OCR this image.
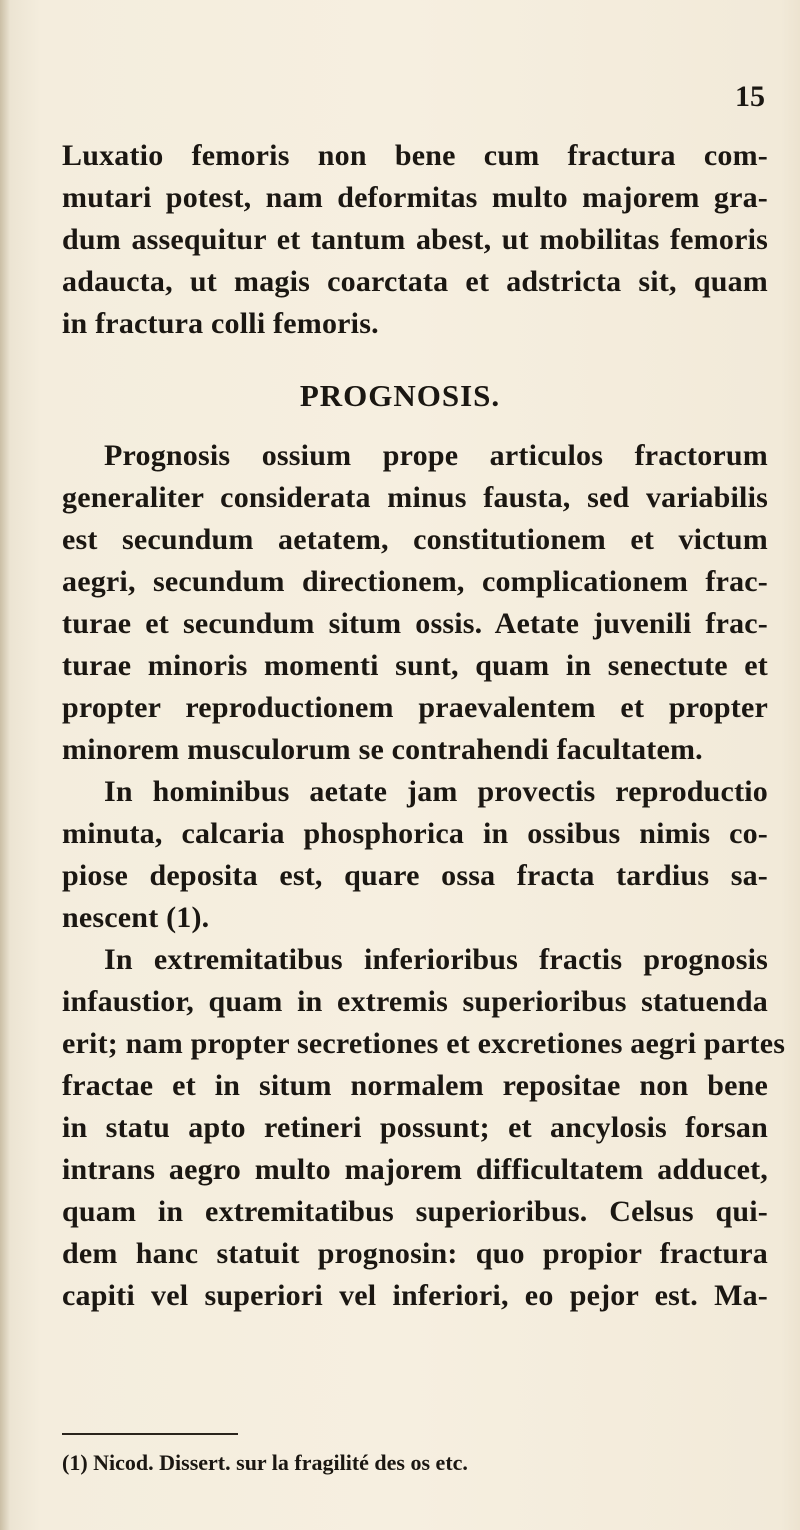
15
Luxatio femoris non bene cum fractura com-
mutari potest, nam deformitas multo majorem gra-
dum assequitur et tantum abest, ut mobilitas femoris
adaucta, ut magis coarctata et adstricta sit, quam
in fractura colli femoris.
PROGNOSIS.
Prognosis ossium prope articulos fractorum
generaliter considerata minus fausta, sed variabilis
est secundum aetatem, constitutionem et victum
aegri, secundum directionem, complicationem frac-
turae et secundum situm ossis. Aetate juvenili frac-
turae minoris momenti sunt, quam in senectute et
propter reproductionem praevalentem et propter
minorem musculorum se contrahendi facultatem.
In hominibus aetate jam provectis reproductio
minuta, calcaria phosphorica in ossibus nimis co-
piose deposita est, quare ossa fracta tardius sa-
nescent (1).
In extremitatibus inferioribus fractis prognosis
infaustior, quam in extremis superioribus statuenda
erit; nam propter secretiones et excretiones aegri partes
fractae et in situm normalem repositae non bene
in statu apto retineri possunt; et ancylosis forsan
intrans aegro multo majorem difficultatem adducet,
quam in extremitatibus superioribus. Celsus qui-
dem hanc statuit prognosin: quo propior fractura
capiti vel superiori vel inferiori, eo pejor est. Ma-
(1) Nicod. Dissert. sur la fragilité des os etc.
